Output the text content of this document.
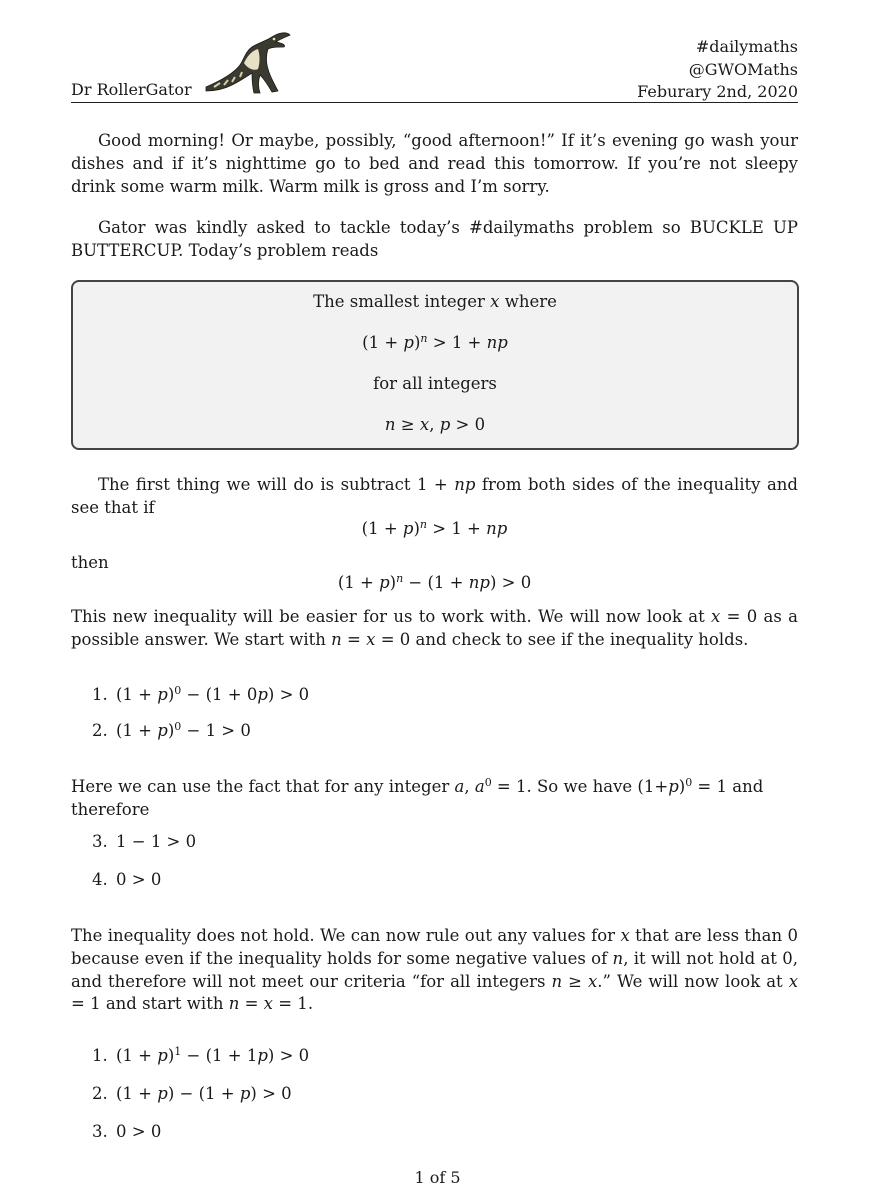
Dr RollerGator
#dailymaths
@GWOMaths
Feburary 2nd, 2020
Good morning! Or maybe, possibly, “good afternoon!” If it’s evening go wash your dishes and if it’s nighttime go to bed and read this tomorrow. If you’re not sleepy drink some warm milk. Warm milk is gross and I’m sorry.
Gator was kindly asked to tackle today’s #dailymaths problem so BUCKLE UP BUTTERCUP. Today’s problem reads
The smallest integer x where
$(1 + p)^n > 1$ + np
for all integers
n ≥ x, p > 0
The first thing we will do is subtract 1 + np from both sides of the inequality and see that if
$(1 + p)^n > 1$ + np
then
$(1 + p)^n - (1 + np) > 0$
This new inequality will be easier for us to work with. We will now look at x = 0 as a possible answer. We start with n = x = 0 and check to see if the inequality holds.
1. $(1 + p)^0 - (1 + 0p) > 0$
2. $(1 + p)^0 - 1 > 0$
Here we can use the fact that for any integer a, $a^0 = 1$. So we have $(1+p)^0 = 1$ and therefore
3. 1 − 1 > 0
4. 0 > 0
The inequality does not hold. We can now rule out any values for x that are less than 0 because even if the inequality holds for some negative values of n, it will not hold at 0, and therefore will not meet our criteria “for all integers n ≥ x.” We will now look at x = 1 and start with n = x = 1.
1. $(1 + p)^1 - (1 + 1p) > 0$
2. (1 + p) − (1 + p) > 0
3. 0 > 0
1 of 5
